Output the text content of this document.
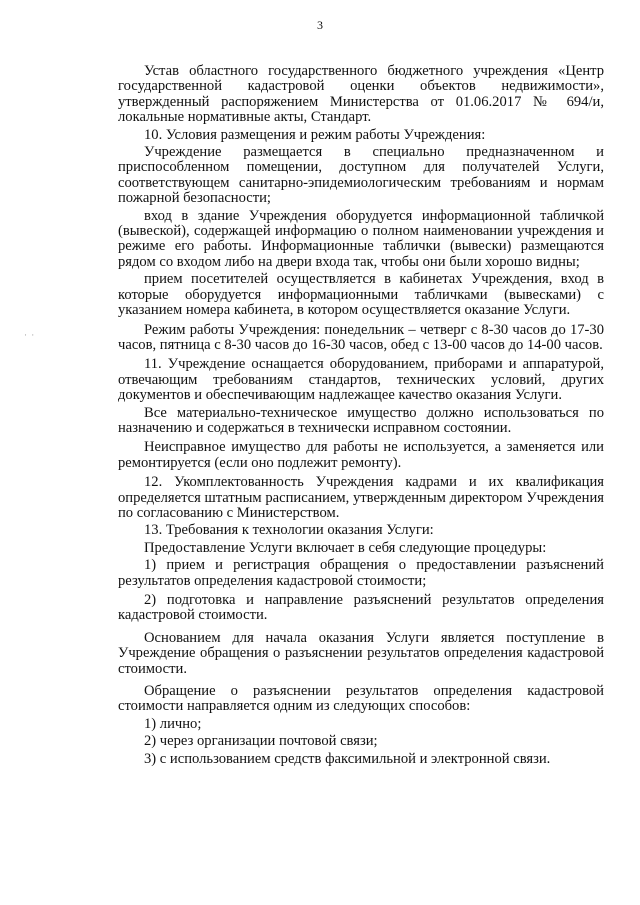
3
· ·

Устав областного государственного бюджетного учреждения «Центр государственной кадастровой оценки объектов недвижимости», утвержденный распоряжением Министерства от 01.06.2017 № 694/и, локальные нормативные акты, Стандарт.

10. Условия размещения и режим работы Учреждения:

Учреждение размещается в специально предназначенном и приспособленном помещении, доступном для получателей Услуги, соответствующем санитарно-эпидемиологическим требованиям и нормам пожарной безопасности;

вход в здание Учреждения оборудуется информационной табличкой (вывеской), содержащей информацию о полном наименовании учреждения и режиме его работы. Информационные таблички (вывески) размещаются рядом со входом либо на двери входа так, чтобы они были хорошо видны;

прием посетителей осуществляется в кабинетах Учреждения, вход в которые оборудуется информационными табличками (вывесками) с указанием номера кабинета, в котором осуществляется оказание Услуги.

Режим работы Учреждения: понедельник – четверг с 8-30 часов до 17-30 часов, пятница с 8-30 часов до 16-30 часов, обед с 13-00 часов до 14-00 часов.

11. Учреждение оснащается оборудованием, приборами и аппаратурой, отвечающим требованиям стандартов, технических условий, других документов и обеспечивающим надлежащее качество оказания Услуги.

Все материально-техническое имущество должно использоваться по назначению и содержаться в технически исправном состоянии.

Неисправное имущество для работы не используется, а заменяется или ремонтируется (если оно подлежит ремонту).

12. Укомплектованность Учреждения кадрами и их квалификация определяется штатным расписанием, утвержденным директором Учреждения по согласованию с Министерством.

13. Требования к технологии оказания Услуги:

Предоставление Услуги включает в себя следующие процедуры:

1) прием и регистрация обращения о предоставлении разъяснений результатов определения кадастровой стоимости;

2) подготовка и направление разъяснений результатов определения кадастровой стоимости.

Основанием для начала оказания Услуги является поступление в Учреждение обращения о разъяснении результатов определения кадастровой стоимости.

Обращение о разъяснении результатов определения кадастровой стоимости направляется одним из следующих способов:

1) лично;

2) через организации почтовой связи;

3) с использованием средств факсимильной и электронной связи.
